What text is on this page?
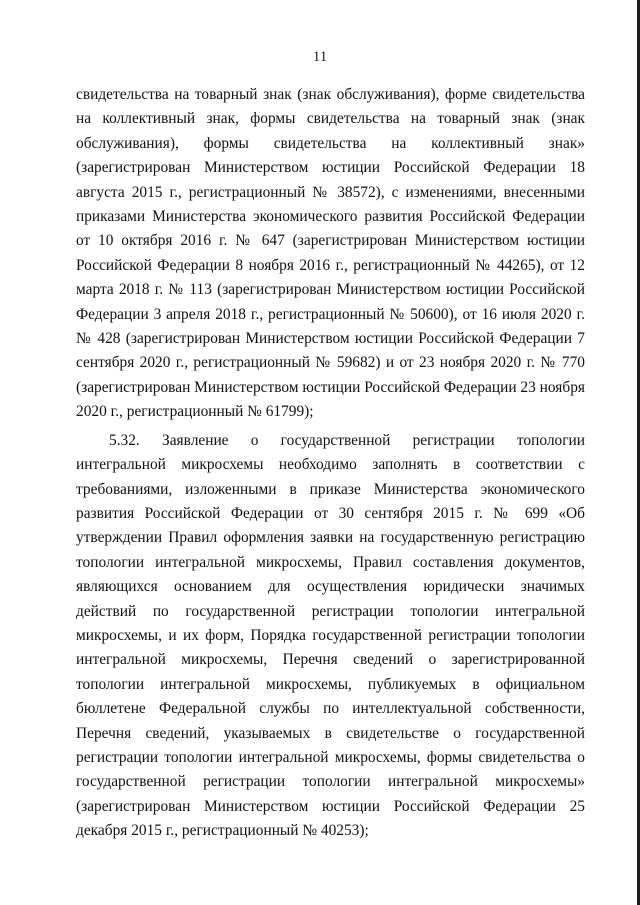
11

свидетельства на товарный знак (знак обслуживания), форме свидетельства на коллективный знак, формы свидетельства на товарный знак (знак обслуживания), формы свидетельства на коллективный знак» (зарегистрирован Министерством юстиции Российской Федерации 18 августа 2015 г., регистрационный № 38572), с изменениями, внесенными приказами Министерства экономического развития Российской Федерации от 10 октября 2016 г. № 647 (зарегистрирован Министерством юстиции Российской Федерации 8 ноября 2016 г., регистрационный № 44265), от 12 марта 2018 г. № 113 (зарегистрирован Министерством юстиции Российской Федерации 3 апреля 2018 г., регистрационный № 50600), от 16 июля 2020 г. № 428 (зарегистрирован Министерством юстиции Российской Федерации 7 сентября 2020 г., регистрационный № 59682) и от 23 ноября 2020 г. № 770 (зарегистрирован Министерством юстиции Российской Федерации 23 ноября 2020 г., регистрационный № 61799);

5.32. Заявление о государственной регистрации топологии интегральной микросхемы необходимо заполнять в соответствии с требованиями, изложенными в приказе Министерства экономического развития Российской Федерации от 30 сентября 2015 г. № 699 «Об утверждении Правил оформления заявки на государственную регистрацию топологии интегральной микросхемы, Правил составления документов, являющихся основанием для осуществления юридически значимых действий по государственной регистрации топологии интегральной микросхемы, и их форм, Порядка государственной регистрации топологии интегральной микросхемы, Перечня сведений о зарегистрированной топологии интегральной микросхемы, публикуемых в официальном бюллетене Федеральной службы по интеллектуальной собственности, Перечня сведений, указываемых в свидетельстве о государственной регистрации топологии интегральной микросхемы, формы свидетельства о государственной регистрации топологии интегральной микросхемы» (зарегистрирован Министерством юстиции Российской Федерации 25 декабря 2015 г., регистрационный № 40253);
